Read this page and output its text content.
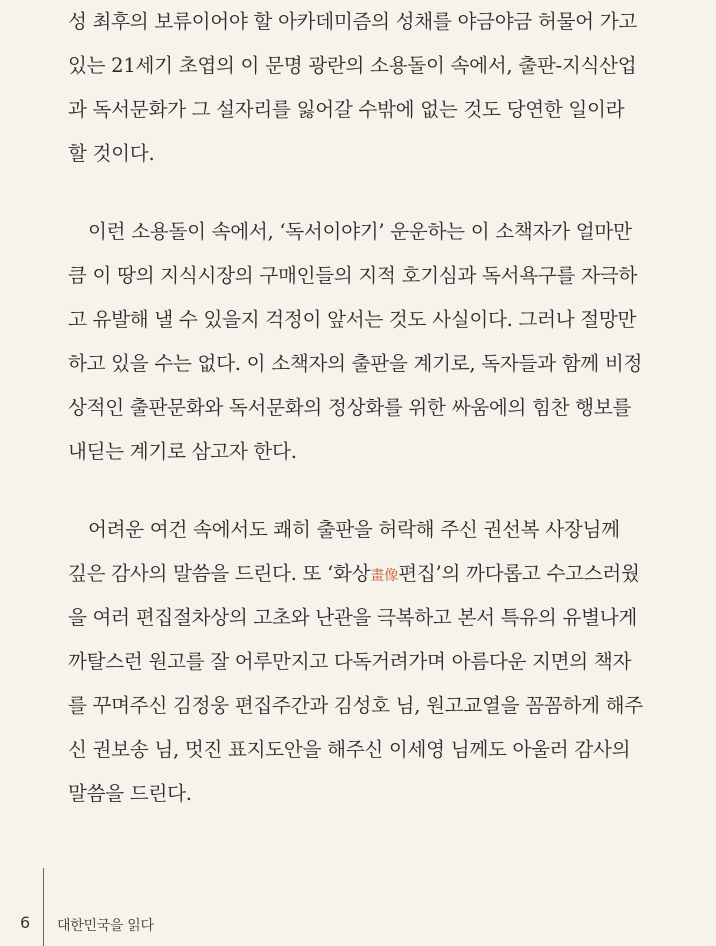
성 최후의 보류이어야 할 아카데미즘의 성채를 야금야금 허물어 가고
있는 21세기 초엽의 이 문명 광란의 소용돌이 속에서, 출판-지식산업
과 독서문화가 그 설자리를 잃어갈 수밖에 없는 것도 당연한 일이라
할 것이다.
이런 소용돌이 속에서, ‘독서이야기’ 운운하는 이 소책자가 얼마만
큼 이 땅의 지식시장의 구매인들의 지적 호기심과 독서욕구를 자극하
고 유발해 낼 수 있을지 걱정이 앞서는 것도 사실이다. 그러나 절망만
하고 있을 수는 없다. 이 소책자의 출판을 계기로, 독자들과 함께 비정
상적인 출판문화와 독서문화의 정상화를 위한 싸움에의 힘찬 행보를
내딛는 계기로 삼고자 한다.
어려운 여건 속에서도 쾌히 출판을 허락해 주신 권선복 사장님께
깊은 감사의 말씀을 드린다. 또 ‘화상畫像편집’의 까다롭고 수고스러웠
을 여러 편집절차상의 고초와 난관을 극복하고 본서 특유의 유별나게
까탈스런 원고를 잘 어루만지고 다독거려가며 아름다운 지면의 책자
를 꾸며주신 김정웅 편집주간과 김성호 님, 원고교열을 꼼꼼하게 해주
신 권보송 님, 멋진 표지도안을 해주신 이세영 님께도 아울러 감사의
말씀을 드린다.
6 대한민국을 읽다
